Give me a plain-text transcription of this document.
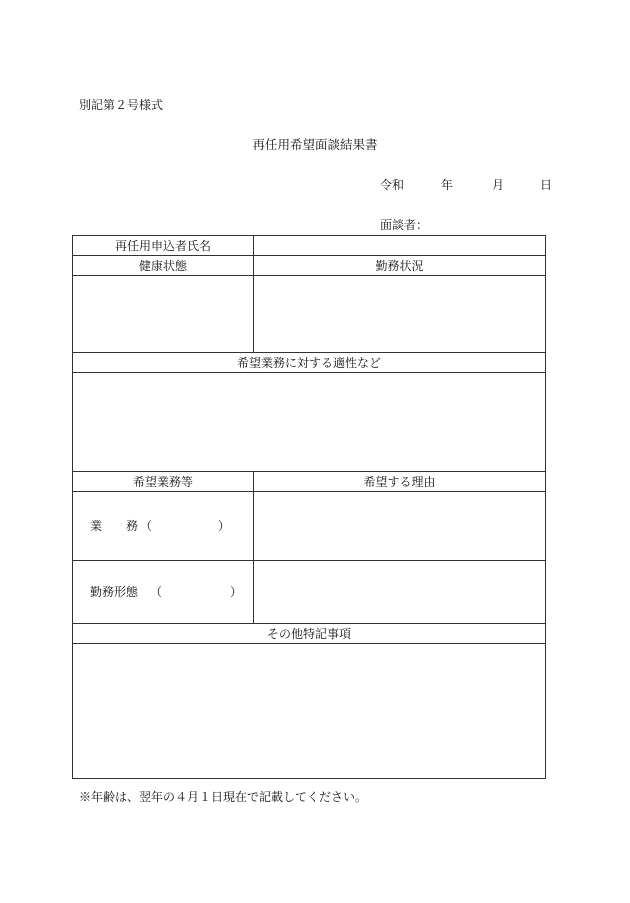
別記第２号様式
再任用希望面談結果書
令和	年	月	日
面談者：
再任用申込者氏名	
健康状態	勤務状況

希望業務に対する適性など	

希望業務等	希望する理由

業　　務 （ ）	

勤務形態 （ ）	

その他特記事項	

※年齢は、翌年の４月１日現在で記載してください。
